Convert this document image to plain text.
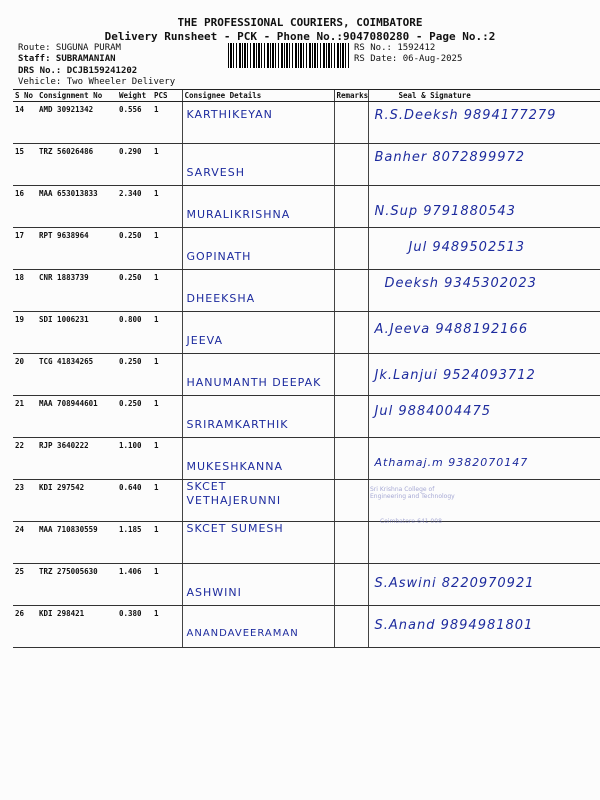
THE PROFESSIONAL COURIERS, COIMBATORE
Delivery Runsheet - PCK - Phone No.:9047080280 - Page No.:2
Route: SUGUNA PURAM
Staff: SUBRAMANIAN
DRS No.: DCJB159241202
Vehicle: Two Wheeler Delivery
RS No.: 1592412
RS Date: 06-Aug-2025
S No	Consignment No	Weight	PCS	Consignee Details	Remarks	Seal & Signature
14	AMD 30921342	0.556	1	KARTHIKEYAN		R.S.Deeksh 9894177279

15	TRZ 56026486	0.290	1	SARVESH		Banher 8072899972

16	MAA 653013833	2.340	1	MURALIKRISHNA		N.Sup 9791880543

17	RPT 9638964	0.250	1	GOPINATH		Jul 9489502513

18	CNR 1883739	0.250	1	DHEEKSHA		Deeksh 9345302023

19	SDI 1006231	0.800	1	JEEVA		A.Jeeva 9488192166

20	TCG 41834265	0.250	1	HANUMANTH DEEPAK		Jk.Lanjui 9524093712

21	MAA 708944601	0.250	1	SRIRAMKARTHIK		Jul 9884004475

22	RJP 3640222	1.100	1	MUKESHKANNA		Athamaj.m 9382070147

23	KDI 297542	0.640	1	SKCET VETHAJERUNNI		

24	MAA 710830559	1.185	1	SKCET SUMESH		

25	TRZ 275005630	1.406	1	ASHWINI		S.Aswini 8220970921

26	KDI 298421	0.380	1	ANANDAVEERAMAN		S.Anand 9894981801
Sri Krishna College of
Engineering and Technology
Coimbatore-641 008
